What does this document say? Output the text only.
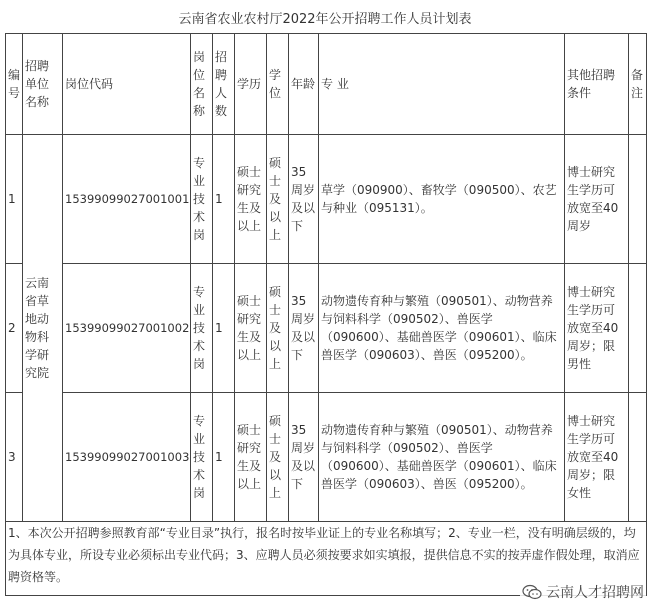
云南省农业农村厅2022年公开招聘工作人员计划表
编号	招聘单位名称	岗位代码	岗位名称	招聘人数	学历	学位	年龄	专 业	其他招聘条件	备注

1	云南省草地动物科学研究院	15399099027001001	专业技术岗	1	硕士研究生及以上	硕士及以上	35周岁及以下	草学（090900）、畜牧学（090500）、农艺与种业（095131）。	博士研究生学历可放宽至40周岁	
2		15399099027001002	专业技术岗	1	硕士研究生及以上	硕士及以上	35周岁及以下	动物遗传育种与繁殖（090501）、动物营养与饲料科学（090502）、兽医学（090600）、基础兽医学（090601）、临床兽医学（090603）、兽医（095200）。	博士研究生学历可放宽至40周岁；限男性	
3		15399099027001003	专业技术岗	1	硕士研究生及以上	硕士及以上	35周岁及以下	动物遗传育种与繁殖（090501）、动物营养与饲料科学（090502）、兽医学（090600）、基础兽医学（090601）、临床兽医学（090603）、兽医（095200）。	博士研究生学历可放宽至40周岁；限女性	

1、本次公开招聘参照教育部“专业目录”执行，报名时按毕业证上的专业名称填写；2、专业一栏，没有明确层级的，均为具体专业，所设专业必须标出专业代码；3、应聘人员必须按要求如实填报，提供信息不实的按弄虚作假处理，取消应聘资格等。										
云南人才招聘网
